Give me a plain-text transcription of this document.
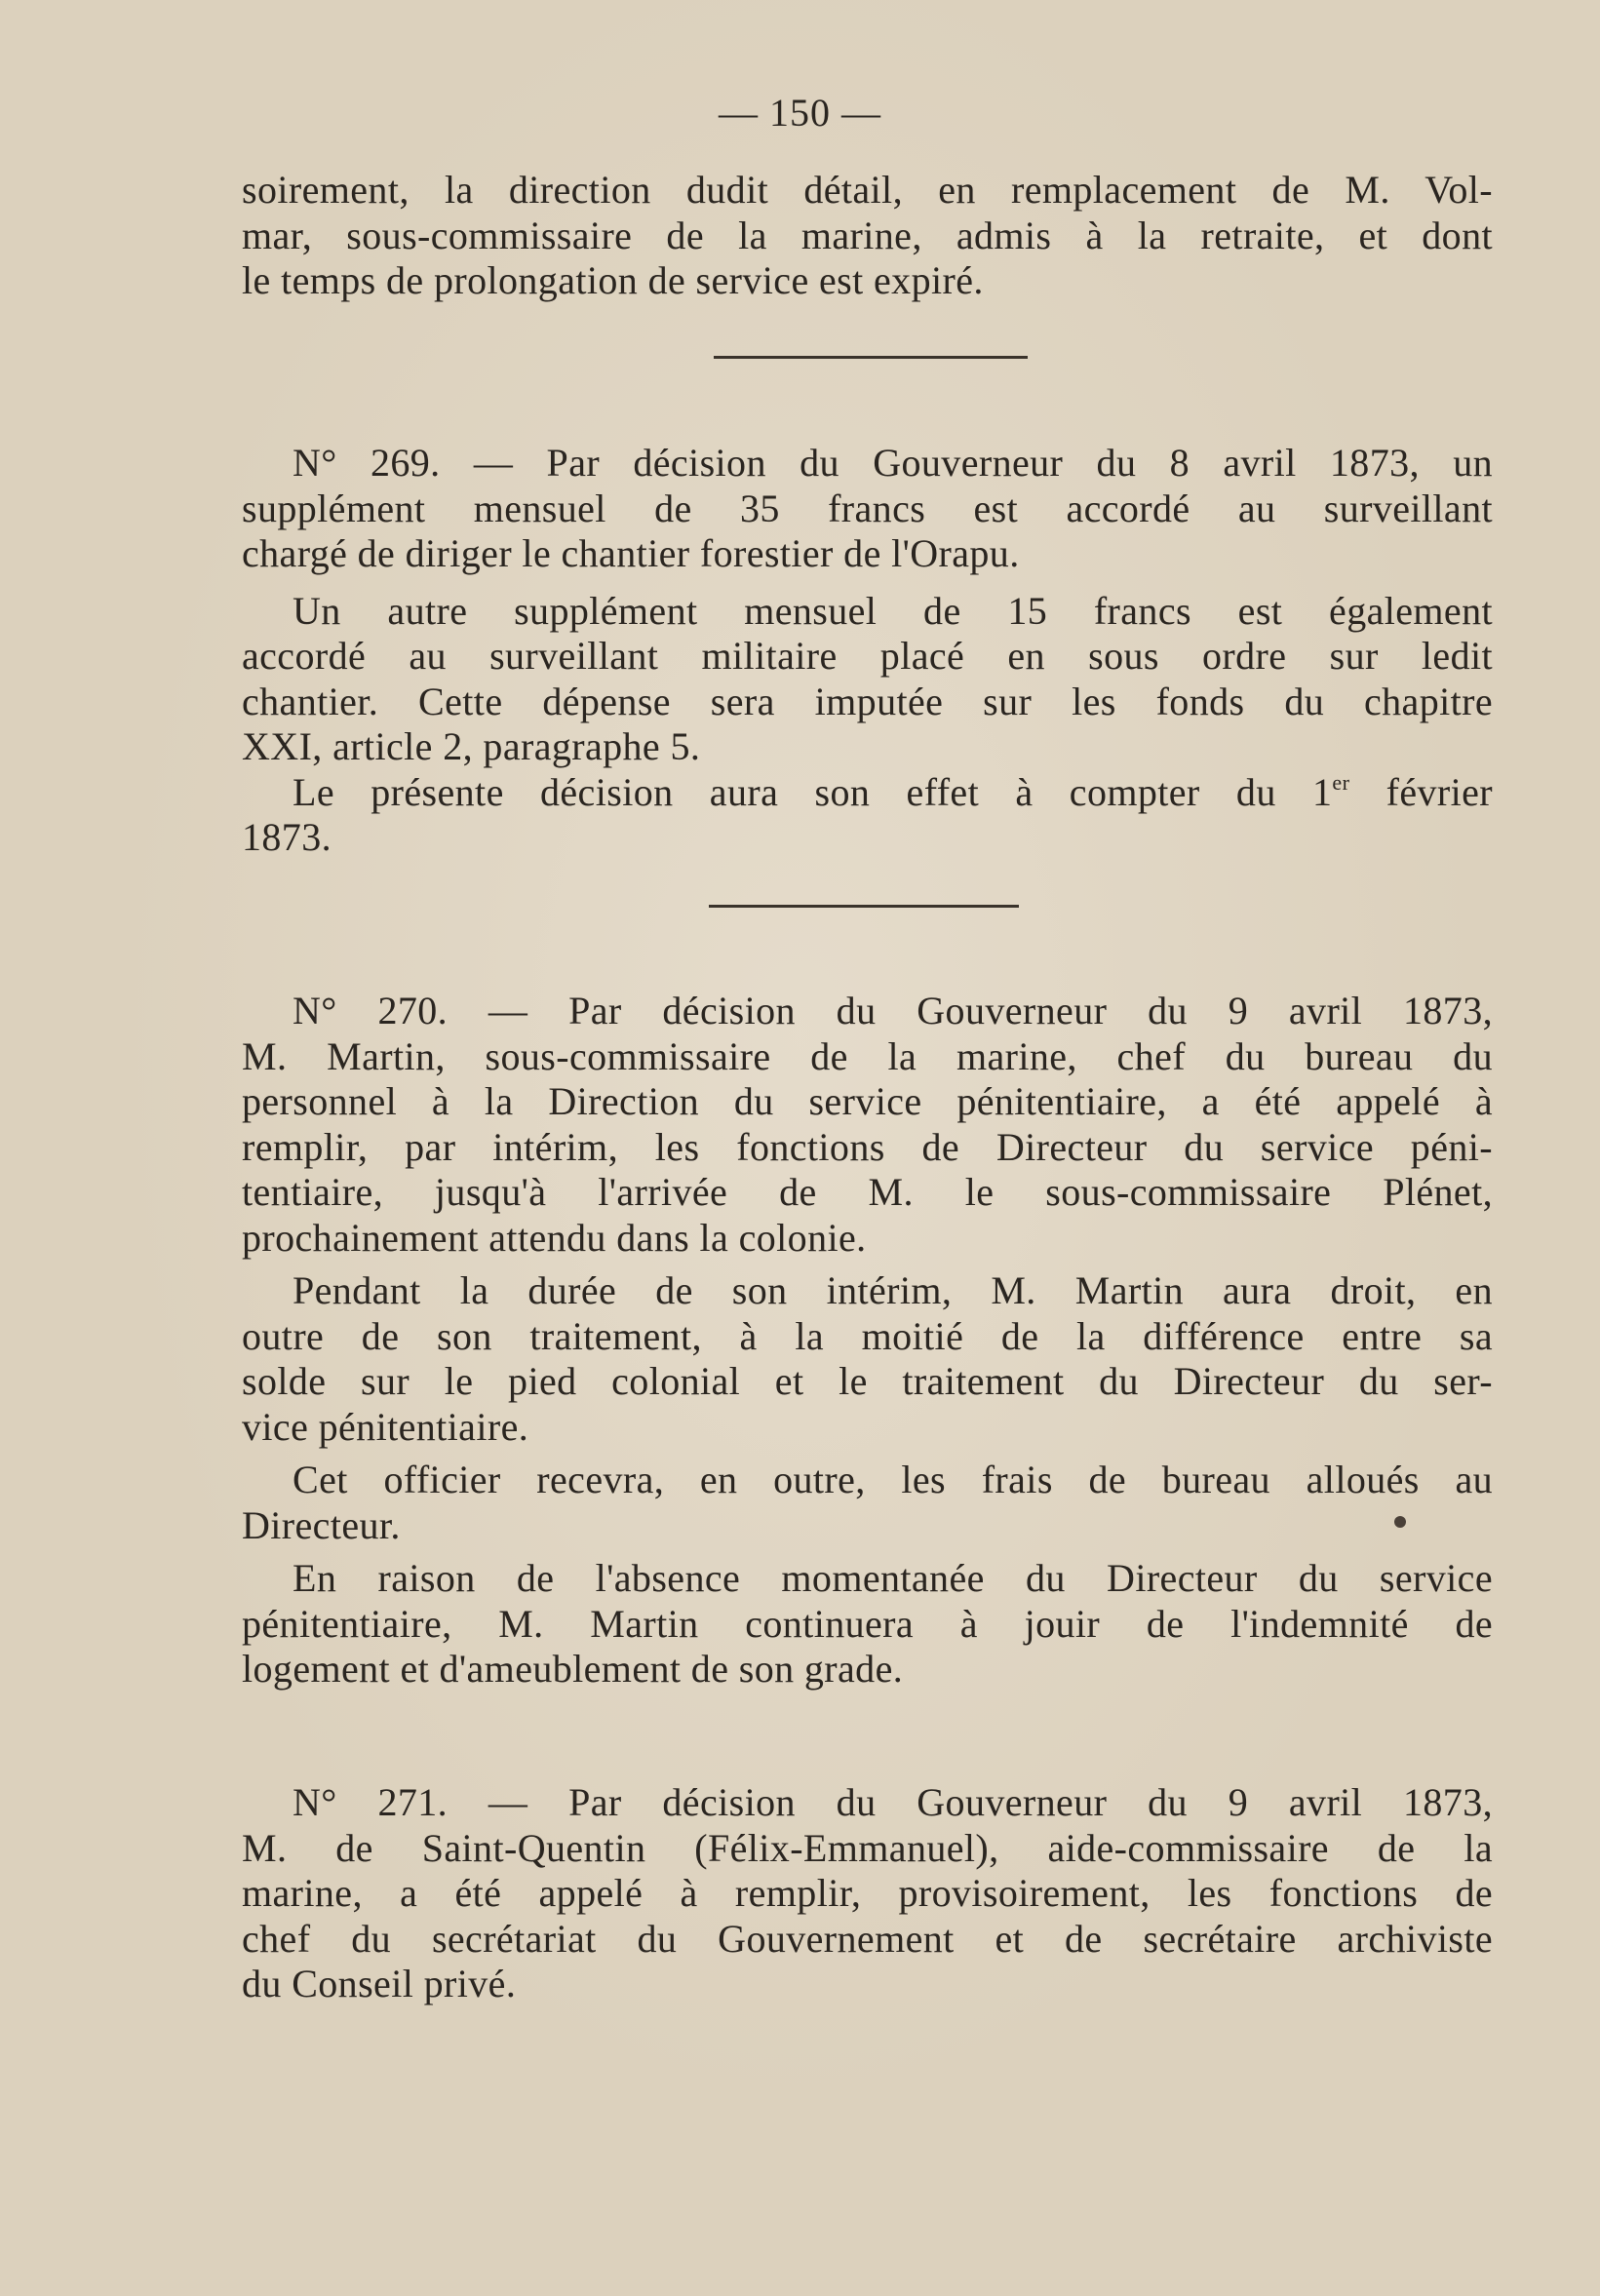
— 150 —
soirement, la direction dudit détail, en remplacement de M. Vol-
mar, sous-commissaire de la marine, admis à la retraite, et dont
le temps de prolongation de service est expiré.
N° 269. — Par décision du Gouverneur du 8 avril 1873, un
supplément mensuel de 35 francs est accordé au surveillant
chargé de diriger le chantier forestier de l'Orapu.
Un autre supplément mensuel de 15 francs est également
accordé au surveillant militaire placé en sous ordre sur ledit
chantier. Cette dépense sera imputée sur les fonds du chapitre
XXI, article 2, paragraphe 5.
Le présente décision aura son effet à compter du 1er février
1873.
N° 270. — Par décision du Gouverneur du 9 avril 1873,
M. Martin, sous-commissaire de la marine, chef du bureau du
personnel à la Direction du service pénitentiaire, a été appelé à
remplir, par intérim, les fonctions de Directeur du service péni-
tentiaire, jusqu'à l'arrivée de M. le sous-commissaire Plénet,
prochainement attendu dans la colonie.
Pendant la durée de son intérim, M. Martin aura droit, en
outre de son traitement, à la moitié de la différence entre sa
solde sur le pied colonial et le traitement du Directeur du ser-
vice pénitentiaire.
Cet officier recevra, en outre, les frais de bureau alloués au
Directeur.
En raison de l'absence momentanée du Directeur du service
pénitentiaire, M. Martin continuera à jouir de l'indemnité de
logement et d'ameublement de son grade.
N° 271. — Par décision du Gouverneur du 9 avril 1873,
M. de Saint-Quentin (Félix-Emmanuel), aide-commissaire de la
marine, a été appelé à remplir, provisoirement, les fonctions de
chef du secrétariat du Gouvernement et de secrétaire archiviste
du Conseil privé.
